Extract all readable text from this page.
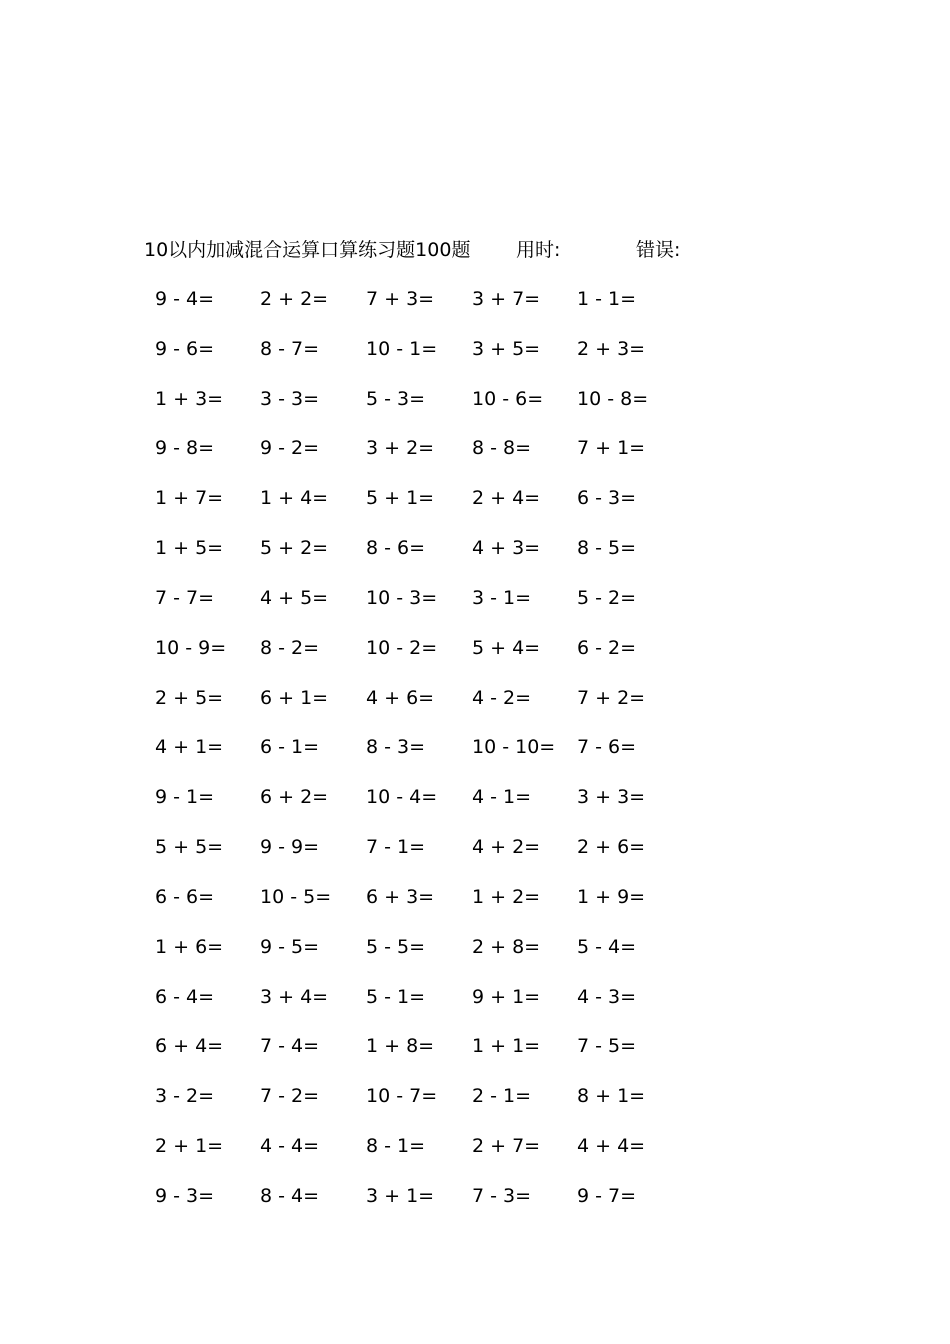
10以内加减混合运算口算练习题100题 用时:	错误:
9 - 4= 2 + 2= 7 + 3= 3 + 7= 1 - 1=
9 - 6= 8 - 7= 10 - 1= 3 + 5= 2 + 3=
1 + 3= 3 - 3= 5 - 3= 10 - 6= 10 - 8=
9 - 8= 9 - 2= 3 + 2= 8 - 8= 7 + 1=
1 + 7= 1 + 4= 5 + 1= 2 + 4= 6 - 3=
1 + 5= 5 + 2= 8 - 6= 4 + 3= 8 - 5=
7 - 7= 4 + 5= 10 - 3= 3 - 1= 5 - 2=
10 - 9= 8 - 2= 10 - 2= 5 + 4= 6 - 2=
2 + 5= 6 + 1= 4 + 6= 4 - 2= 7 + 2=
4 + 1= 6 - 1= 8 - 3= 10 - 10= 7 - 6=
9 - 1= 6 + 2= 10 - 4= 4 - 1= 3 + 3=
5 + 5= 9 - 9= 7 - 1= 4 + 2= 2 + 6=
6 - 6= 10 - 5= 6 + 3= 1 + 2= 1 + 9=
1 + 6= 9 - 5= 5 - 5= 2 + 8= 5 - 4=
6 - 4= 3 + 4= 5 - 1= 9 + 1= 4 - 3=
6 + 4= 7 - 4= 1 + 8= 1 + 1= 7 - 5=
3 - 2= 7 - 2= 10 - 7= 2 - 1= 8 + 1=
2 + 1= 4 - 4= 8 - 1= 2 + 7= 4 + 4=
9 - 3= 8 - 4= 3 + 1= 7 - 3= 9 - 7=
